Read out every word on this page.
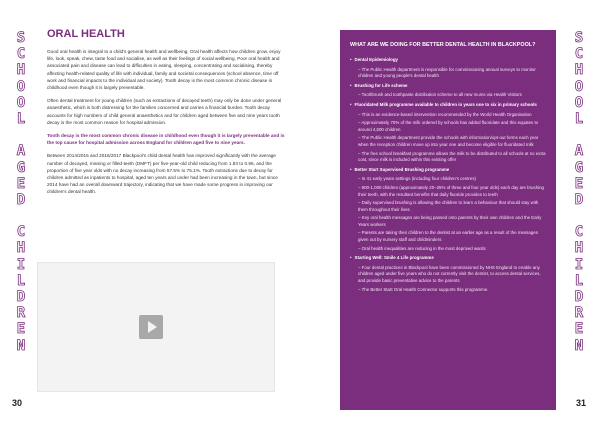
S
C
H
O
O
L

A
G
E
D

C
H
I
L
D
R
E
N
S
C
H
O
O
L

A
G
E
D

C
H
I
L
D
R
E
N
ORAL HEALTH

Good oral health is integral to a child's general health and wellbeing. Oral health affects how children grow, enjoy life, look, speak, chew, taste food and socialise, as well as their feelings of social wellbeing. Poor oral health and associated pain and disease can lead to difficulties in eating, sleeping, concentrating and socialising, thereby affecting health-related quality of life with individual, family and societal consequences (school absence, time off work and financial impacts to the individual and society). Tooth decay is the most common chronic disease in childhood even though it is largely preventable.

Often dental treatment for young children (such as extractions of decayed teeth) may only be done under general anaesthetic, which is both distressing for the families concerned and carries a financial burden. Tooth decay accounts for high numbers of child general anaesthetics and for children aged between five and nine years tooth decay is the most common reason for hospital admission.

Tooth decay is the most common chronic disease in childhood even though it is largely preventable and is the top cause for hospital admission across England for children aged five to nine years.

Between 2014/2015 and 2016/2017 Blackpool's child dental health has improved significantly with the average number of decayed, missing or filled-teeth (DMFT) per five-year-old child reducing from 1.83 to 0.96, and the proportion of five year olds with no decay increasing from 57.5% to 75.1%. Tooth extractions due to decay for children admitted as inpatients to hospital, aged ten years and under had been increasing in the town, but since 2014 have had an overall downward trajectory, indicating that we have made some progress in improving our children's dental health.

WHAT ARE WE DOING FOR BETTER DENTAL HEALTH IN BLACKPOOL?
• Dental Epidemiology
– The Public Health department is responsible for commissioning annual surveys to monitor children and young people's dental health
• Brushing for Life scheme
– Toothbrush and toothpaste distribution scheme to all new mums via Health Visitors
• Fluoridated Milk programme available to children in years one to six in primary schools
– This is an evidence-based intervention recommended by the World Health Organisation
– Approximately 70% of the milk ordered by schools has added fluoridate and this equates to around 4,500 children
– The Public Health department provide the schools with information/opt-out forms each year when the reception children move up into year one and become eligible for fluoridated milk
– The free school breakfast programme allows the milk to be distributed to all schools at no extra cost, since milk is included within this existing offer
• Better Start Supervised Brushing programme
– In 41 early years settings (including four children's centres)
– 900-1,000 children (approximately 20–25% of three and four year olds) each day are brushing their teeth, with the resultant benefits that daily fluoride provides to teeth
– Daily supervised brushing is allowing the children to learn a behaviour that should stay with them throughout their lives
– Key oral health messages are being passed onto parents by their own children and the Early Years workers
– Parents are taking their children to the dentist at an earlier age as a result of the messages given out by nursery staff and childminders
– Oral health inequalities are reducing in the most deprived wards
• Starting Well: Smile 4 Life programme
– Four dental practices in Blackpool have been commissioned by NHS England to enable any children aged under five years who do not currently visit the dentist, to access dental services, and provide basic preventative advice to the parents
– The Better Start Oral Health Connector supports this programme.
30	31
